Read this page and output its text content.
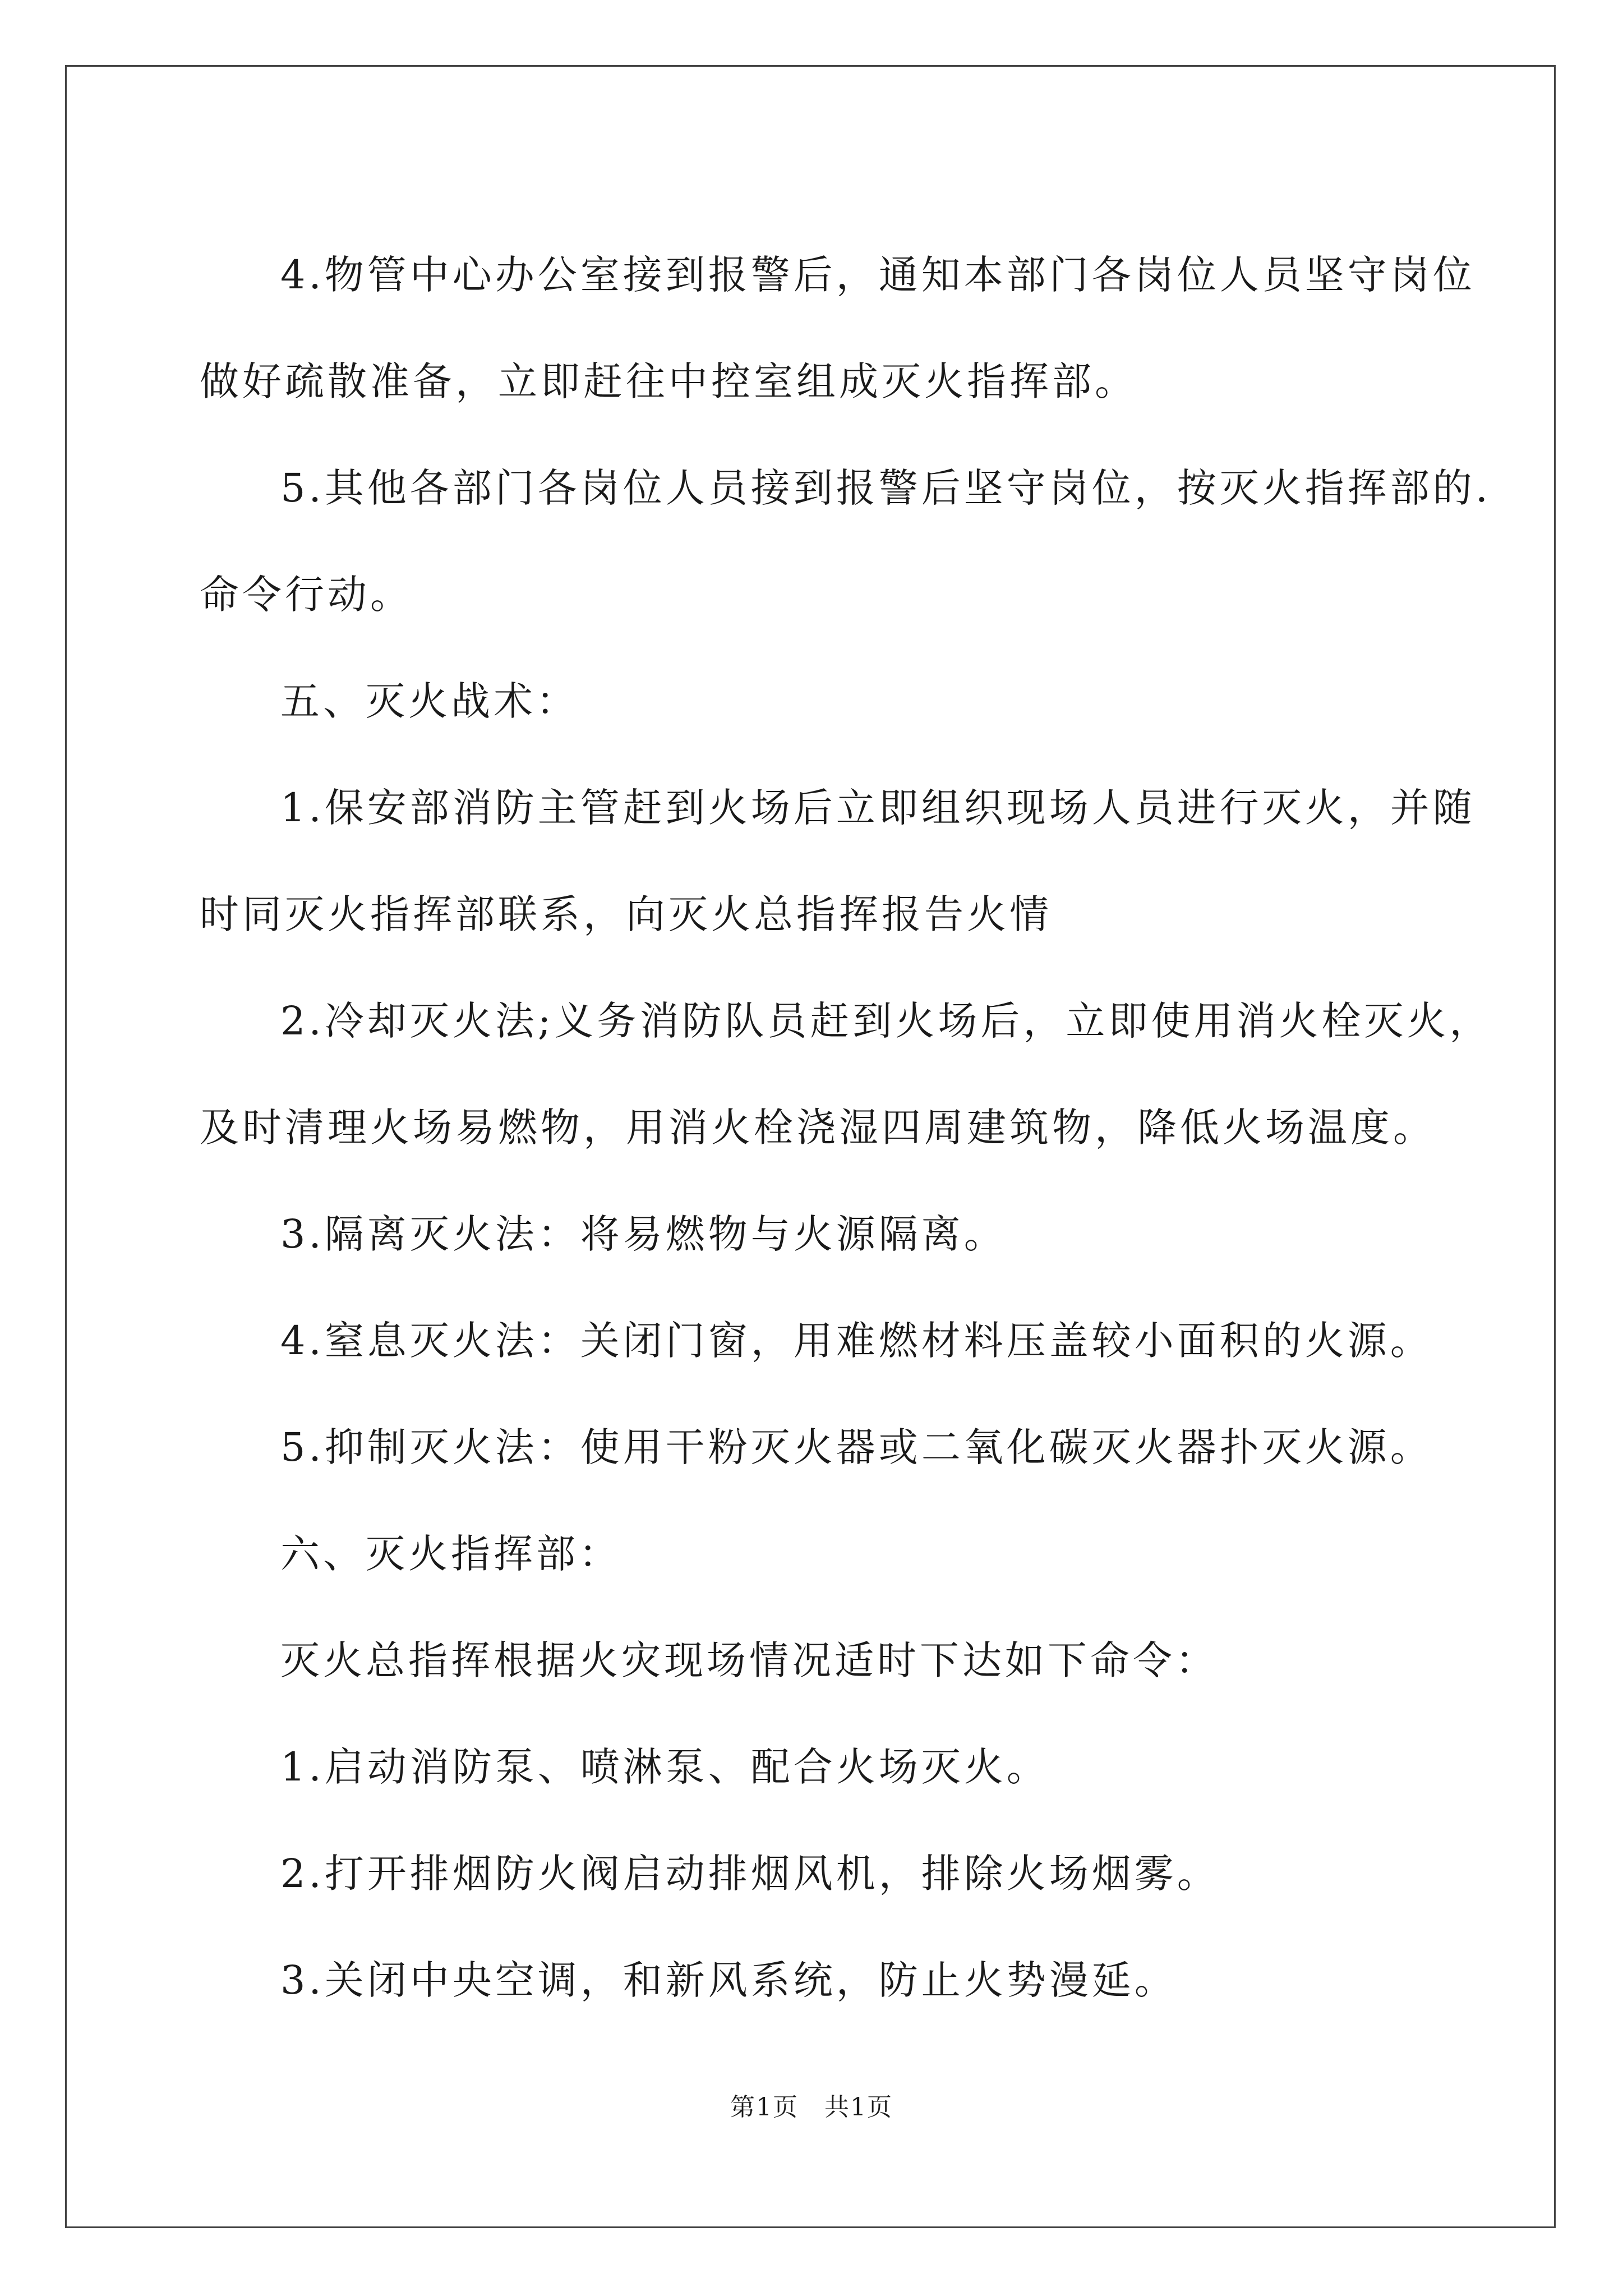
4.物管中心办公室接到报警后，通知本部门各岗位人员坚守岗位

做好疏散准备，立即赶往中控室组成灭火指挥部。

5.其他各部门各岗位人员接到报警后坚守岗位，按灭火指挥部的.

命令行动。

五、灭火战术：

1.保安部消防主管赶到火场后立即组织现场人员进行灭火，并随

时同灭火指挥部联系，向灭火总指挥报告火情

2.冷却灭火法;义务消防队员赶到火场后，立即使用消火栓灭火，

及时清理火场易燃物，用消火栓浇湿四周建筑物，降低火场温度。

3.隔离灭火法：将易燃物与火源隔离。

4.窒息灭火法：关闭门窗，用难燃材料压盖较小面积的火源。

5.抑制灭火法：使用干粉灭火器或二氧化碳灭火器扑灭火源。

六、灭火指挥部：

灭火总指挥根据火灾现场情况适时下达如下命令：

1.启动消防泵、喷淋泵、配合火场灭火。

2.打开排烟防火阀启动排烟风机，排除火场烟雾。

3.关闭中央空调，和新风系统，防止火势漫延。

第1页　共1页
